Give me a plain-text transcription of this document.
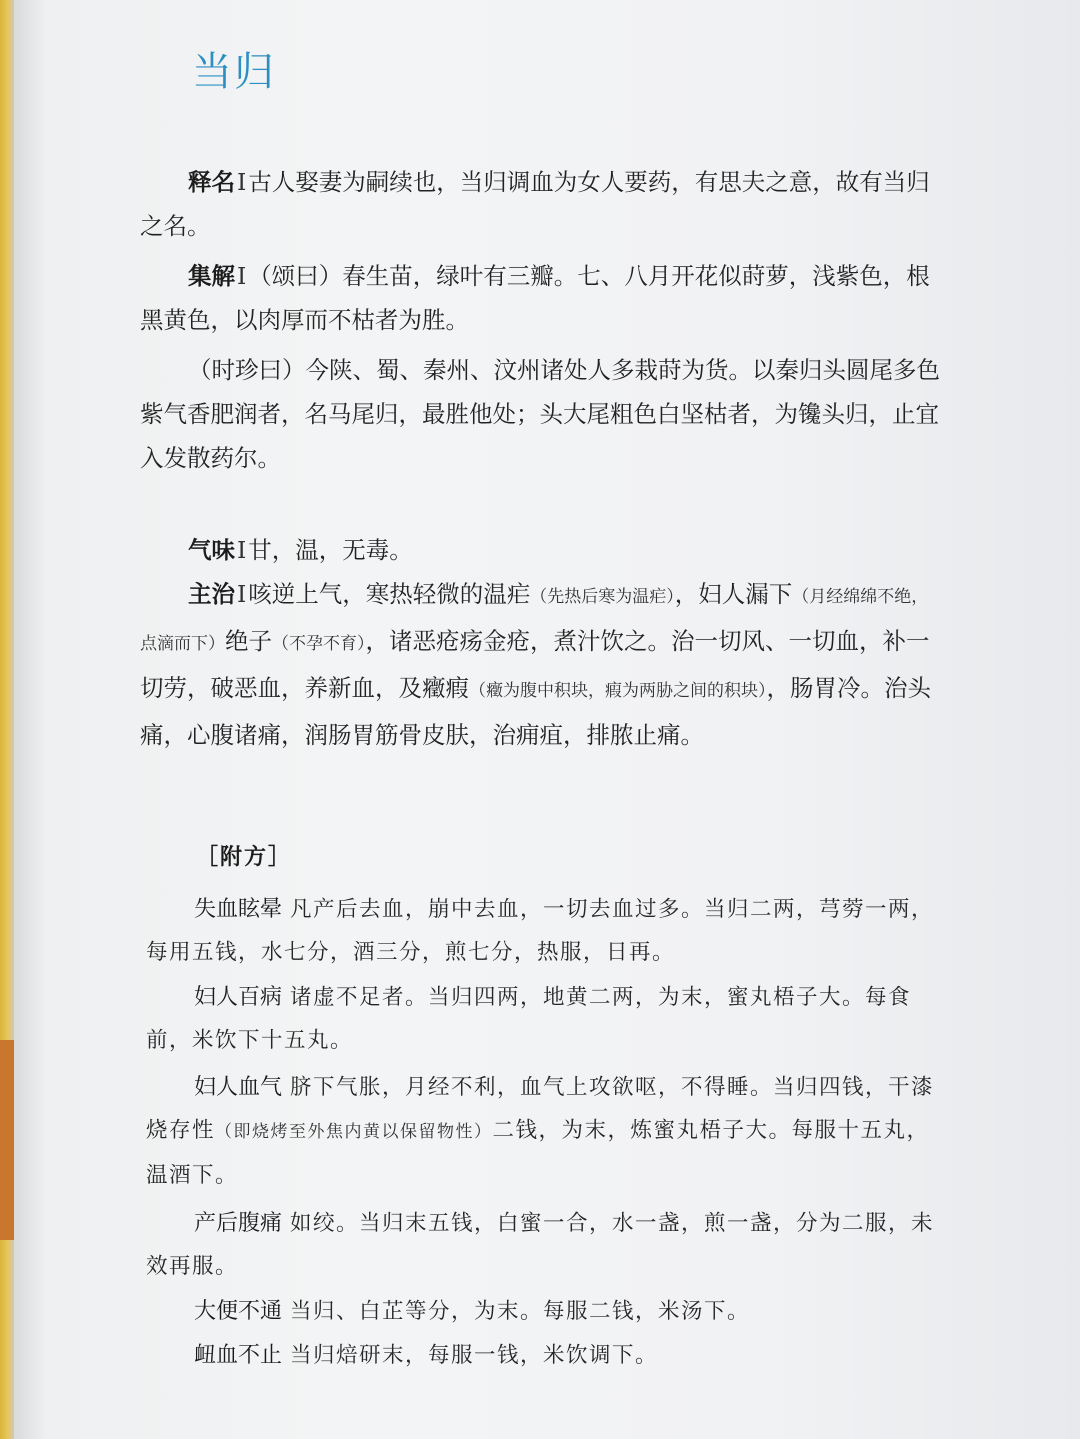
当归

释名I古人娶妻为嗣续也，当归调血为女人要药，有思夫之意，故有当归之名。

集解I（颂曰）春生苗，绿叶有三瓣。七、八月开花似莳萝，浅紫色，根黑黄色，以肉厚而不枯者为胜。

（时珍曰）今陕、蜀、秦州、汶州诸处人多栽莳为货。以秦归头圆尾多色紫气香肥润者，名马尾归，最胜他处；头大尾粗色白坚枯者，为镵头归，止宜入发散药尔。

气味I甘，温，无毒。

主治I咳逆上气，寒热轻微的温疟（先热后寒为温疟），妇人漏下（月经绵绵不绝，点滴而下）绝子（不孕不育），诸恶疮疡金疮，煮汁饮之。治一切风、一切血，补一切劳，破恶血，养新血，及癥瘕（癥为腹中积块，瘕为两胁之间的积块），肠胃冷。治头痛，心腹诸痛，润肠胃筋骨皮肤，治痈疽，排脓止痛。

［附方］

失血眩晕 凡产后去血，崩中去血，一切去血过多。当归二两，芎䓖一两，每用五钱，水七分，酒三分，煎七分，热服，日再。

妇人百病 诸虚不足者。当归四两，地黄二两，为末，蜜丸梧子大。每食前，米饮下十五丸。

妇人血气 脐下气胀，月经不利，血气上攻欲呕，不得睡。当归四钱，干漆烧存性（即烧烤至外焦内黄以保留物性）二钱，为末，炼蜜丸梧子大。每服十五丸，温酒下。

产后腹痛 如绞。当归末五钱，白蜜一合，水一盏，煎一盏，分为二服，未效再服。

大便不通 当归、白芷等分，为末。每服二钱，米汤下。

衄血不止 当归焙研末，每服一钱，米饮调下。
